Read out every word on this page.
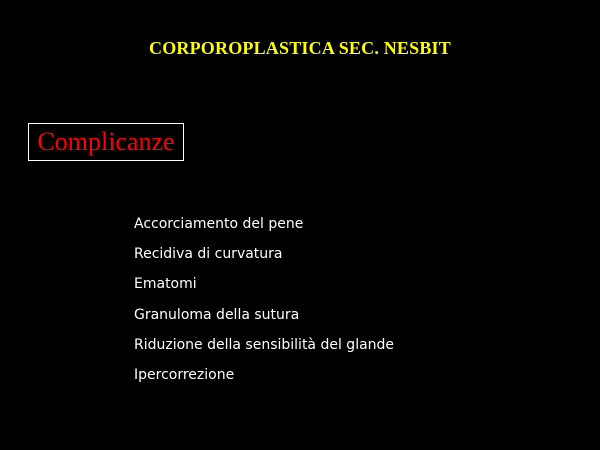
CORPOROPLASTICA SEC. NESBIT
Complicanze
Accorciamento del pene
Recidiva di curvatura
Ematomi
Granuloma della sutura
Riduzione della sensibilità del glande
Ipercorrezione
